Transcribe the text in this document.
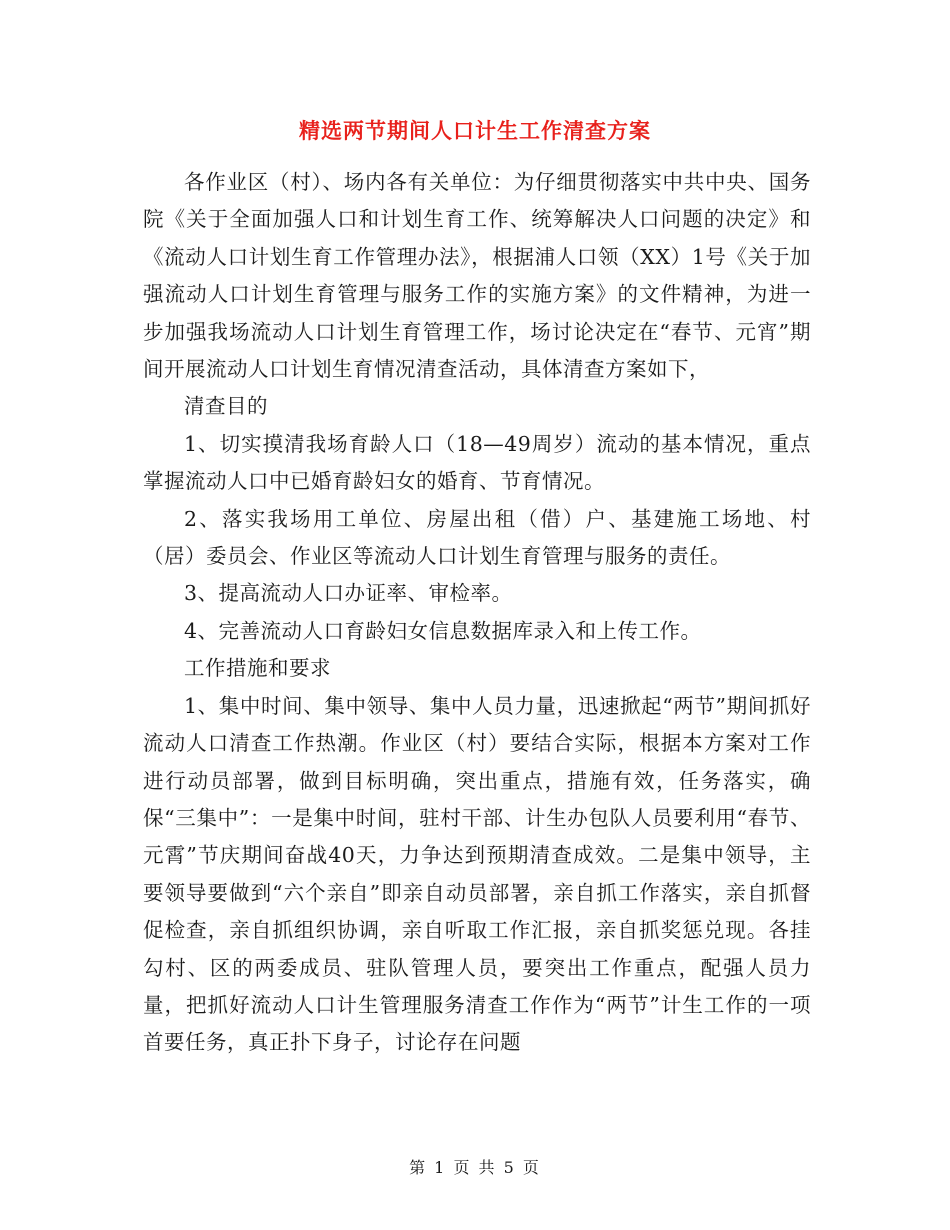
精选两节期间人口计生工作清查方案

各作业区（村）、场内各有关单位：为仔细贯彻落实中共中央、国务院《关于全面加强人口和计划生育工作、统筹解决人口问题的决定》和《流动人口计划生育工作管理办法》，根据浦人口领（XX）1号《关于加强流动人口计划生育管理与服务工作的实施方案》的文件精神，为进一步加强我场流动人口计划生育管理工作，场讨论决定在“春节、元宵”期间开展流动人口计划生育情况清查活动，具体清查方案如下，

清查目的

1、切实摸清我场育龄人口（18—49周岁）流动的基本情况，重点掌握流动人口中已婚育龄妇女的婚育、节育情况。

2、落实我场用工单位、房屋出租（借）户、基建施工场地、村（居）委员会、作业区等流动人口计划生育管理与服务的责任。

3、提高流动人口办证率、审检率。

4、完善流动人口育龄妇女信息数据库录入和上传工作。

工作措施和要求

1、集中时间、集中领导、集中人员力量，迅速掀起“两节”期间抓好流动人口清查工作热潮。作业区（村）要结合实际，根据本方案对工作进行动员部署，做到目标明确，突出重点，措施有效，任务落实，确保“三集中”：一是集中时间，驻村干部、计生办包队人员要利用“春节、元霄”节庆期间奋战40天，力争达到预期清查成效。二是集中领导，主要领导要做到“六个亲自”即亲自动员部署，亲自抓工作落实，亲自抓督促检查，亲自抓组织协调，亲自听取工作汇报，亲自抓奖惩兑现。各挂勾村、区的两委成员、驻队管理人员，要突出工作重点，配强人员力量，把抓好流动人口计生管理服务清查工作作为“两节”计生工作的一项首要任务，真正扑下身子，讨论存在问题

第 1 页 共 5 页
